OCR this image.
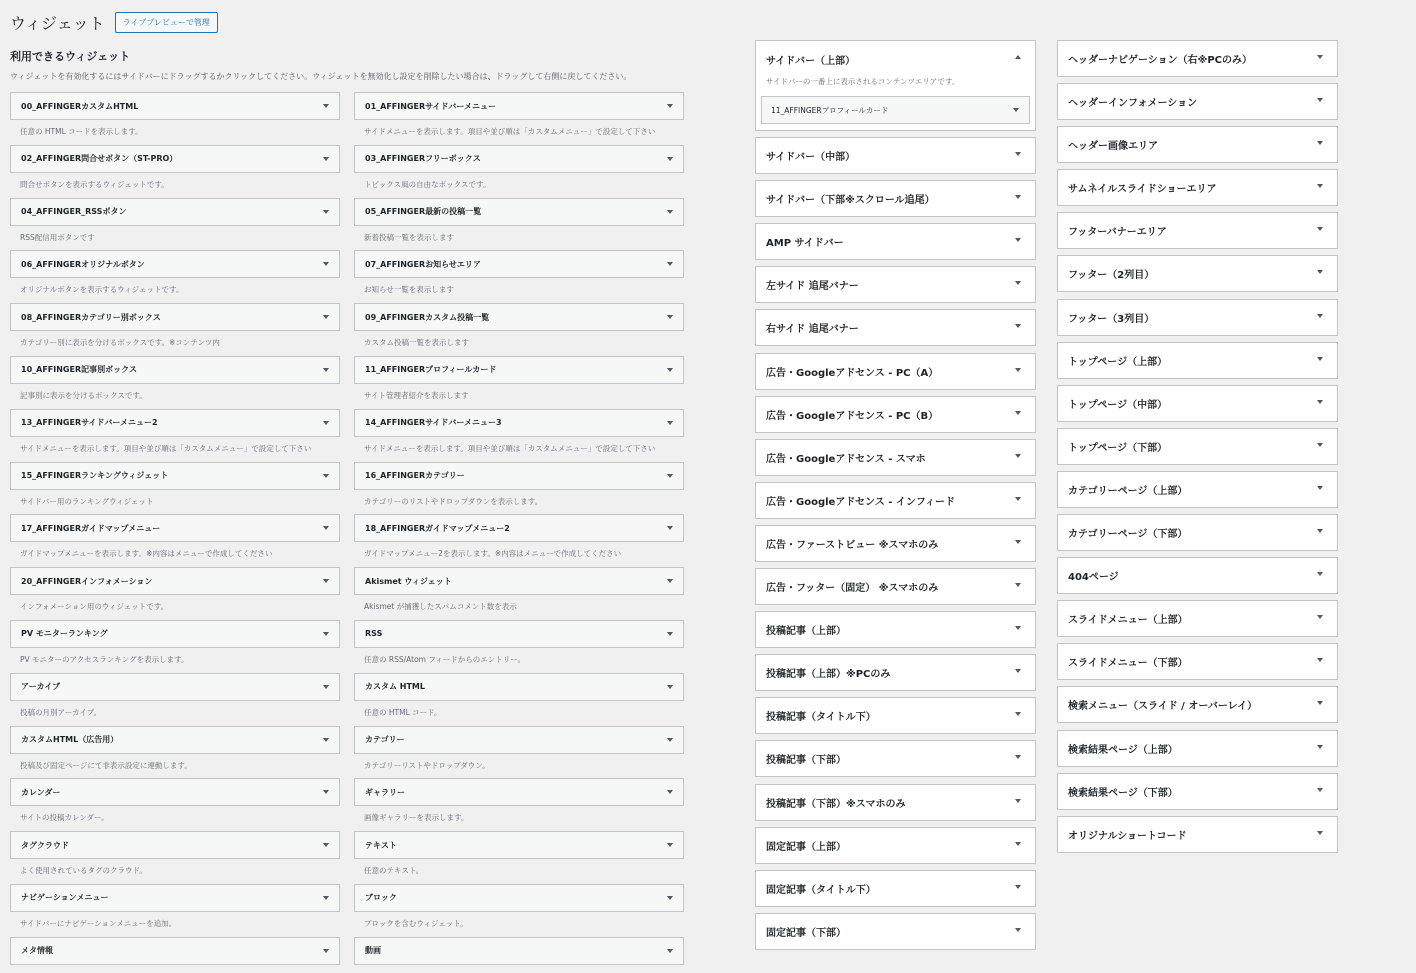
ウィジェット	ライブプレビューで管理
利用できるウィジェット

ウィジェットを有効化するにはサイドバーにドラッグするかクリックしてください。ウィジェットを無効化し設定を削除したい場合は、ドラッグして右側に戻してください。

00_AFFINGERカスタムHTML

任意の HTML コードを表示します。

01_AFFINGERサイドバーメニュー

サイドメニューを表示します。項目や並び順は「カスタムメニュー」で設定して下さい

02_AFFINGER問合せボタン（ST-PRO）

問合せボタンを表示するウィジェットです。

03_AFFINGERフリーボックス

トピックス風の自由なボックスです。

04_AFFINGER_RSSボタン

RSS配信用ボタンです

05_AFFINGER最新の投稿一覧

新着投稿一覧を表示します

06_AFFINGERオリジナルボタン

オリジナルボタンを表示するウィジェットです。

07_AFFINGERお知らせエリア

お知らせ一覧を表示します

08_AFFINGERカテゴリー別ボックス

カテゴリー別に表示を分けるボックスです。※コンテンツ内

09_AFFINGERカスタム投稿一覧

カスタム投稿一覧を表示します

10_AFFINGER記事別ボックス

記事別に表示を分けるボックスです。

11_AFFINGERプロフィールカード

サイト管理者紹介を表示します

13_AFFINGERサイドバーメニュー2

サイドメニューを表示します。項目や並び順は「カスタムメニュー」で設定して下さい

14_AFFINGERサイドバーメニュー3

サイドメニューを表示します。項目や並び順は「カスタムメニュー」で設定して下さい

15_AFFINGERランキングウィジェット

サイドバー用のランキングウィジェット

16_AFFINGERカテゴリー

カテゴリーのリストやドロップダウンを表示します。

17_AFFINGERガイドマップメニュー

ガイドマップメニューを表示します。※内容はメニューで作成してください

18_AFFINGERガイドマップメニュー2

ガイドマップメニュー2を表示します。※内容はメニューで作成してください

20_AFFINGERインフォメーション

インフォメーション用のウィジェットです。

Akismet ウィジェット

Akismet が捕獲したスパムコメント数を表示

PV モニターランキング

PV モニターのアクセスランキングを表示します。

RSS

任意の RSS/Atom フィードからのエントリー。

アーカイブ

投稿の月別アーカイブ。

カスタム HTML

任意の HTML コード。

カスタムHTML（広告用）

投稿及び固定ページにて非表示設定に連動します。

カテゴリー

カテゴリーリストやドロップダウン。

カレンダー

サイトの投稿カレンダー。

ギャラリー

画像ギャラリーを表示します。

タグクラウド

よく使用されているタグのクラウド。

テキスト

任意のテキスト。

ナビゲーションメニュー

サイドバーにナビゲーションメニューを追加。

ブロック

ブロックを含むウィジェット。

メタ情報	動画
サイドバー（上部）

サイドバーの一番上に表示されるコンテンツエリアです。

11_AFFINGERプロフィールカード
サイドバー（中部）
サイドバー（下部※スクロール追尾）
AMP サイドバー
左サイド 追尾バナー
右サイド 追尾バナー
広告・Googleアドセンス - PC（A）
広告・Googleアドセンス - PC（B）
広告・Googleアドセンス - スマホ
広告・Googleアドセンス - インフィード
広告・ファーストビュー ※スマホのみ
広告・フッター（固定） ※スマホのみ
投稿記事（上部）
投稿記事（上部）※PCのみ
投稿記事（タイトル下）
投稿記事（下部）
投稿記事（下部）※スマホのみ
固定記事（上部）
固定記事（タイトル下）
固定記事（下部）
ヘッダーナビゲーション（右※PCのみ）
ヘッダーインフォメーション
ヘッダー画像エリア
サムネイルスライドショーエリア
フッターバナーエリア
フッター（2列目）
フッター（3列目）
トップページ（上部）
トップページ（中部）
トップページ（下部）
カテゴリーページ（上部）
カテゴリーページ（下部）
404ページ
スライドメニュー（上部）
スライドメニュー（下部）
検索メニュー（スライド / オーバーレイ）
検索結果ページ（上部）
検索結果ページ（下部）
オリジナルショートコード
